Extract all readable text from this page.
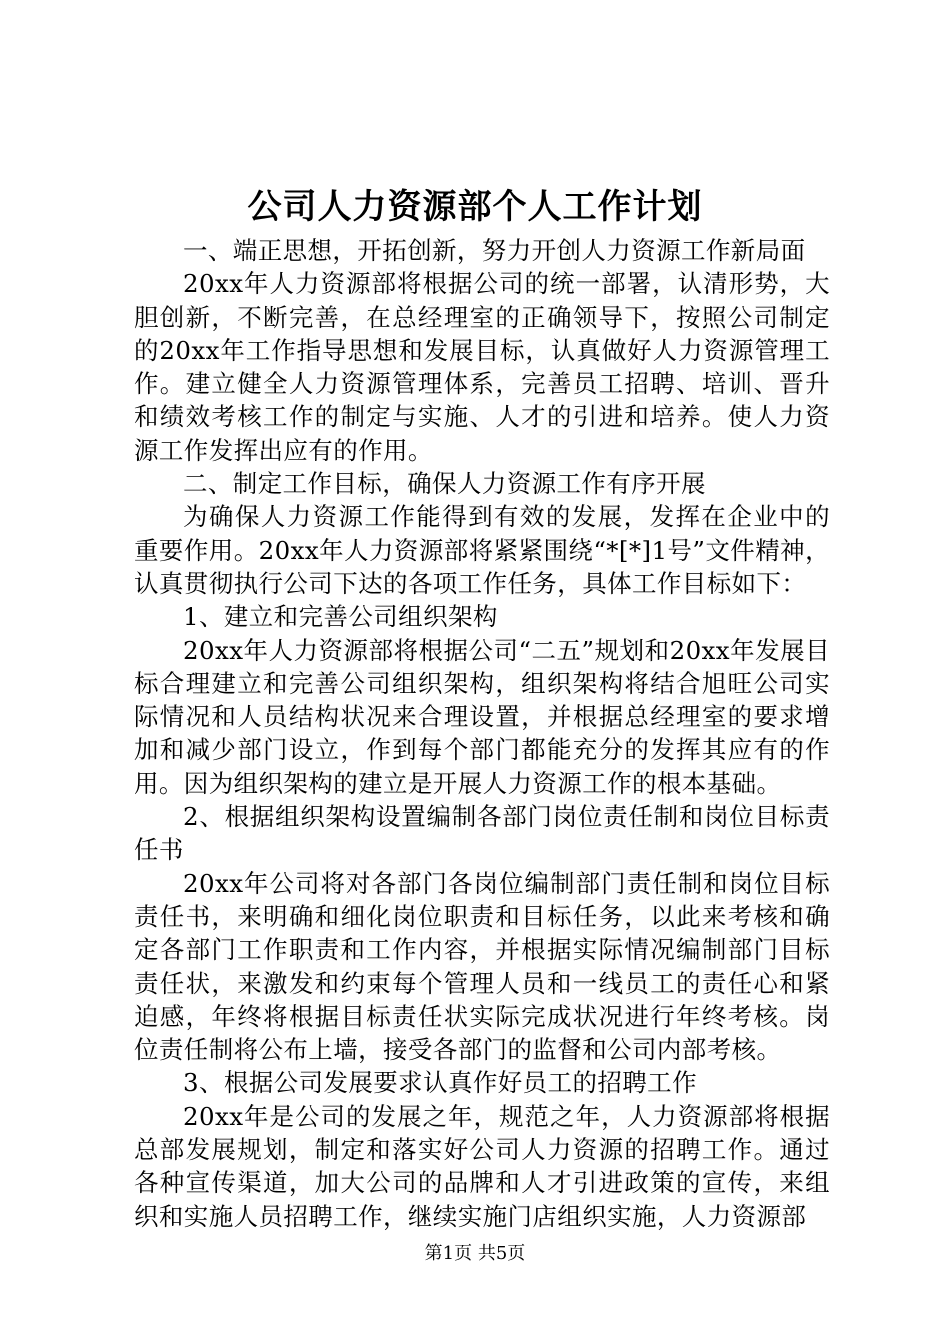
公司人力资源部个人工作计划

一、端正思想，开拓创新，努力开创人力资源工作新局面

20xx年人力资源部将根据公司的统一部署，认清形势，大胆创新，不断完善，在总经理室的正确领导下，按照公司制定的20xx年工作指导思想和发展目标，认真做好人力资源管理工作。建立健全人力资源管理体系，完善员工招聘、培训、晋升和绩效考核工作的制定与实施、人才的引进和培养。使人力资源工作发挥出应有的作用。

二、制定工作目标，确保人力资源工作有序开展

为确保人力资源工作能得到有效的发展，发挥在企业中的重要作用。20xx年人力资源部将紧紧围绕“*[*]1号”文件精神，认真贯彻执行公司下达的各项工作任务，具体工作目标如下：

1、建立和完善公司组织架构

20xx年人力资源部将根据公司“二五”规划和20xx年发展目标合理建立和完善公司组织架构，组织架构将结合旭旺公司实际情况和人员结构状况来合理设置，并根据总经理室的要求增加和减少部门设立，作到每个部门都能充分的发挥其应有的作用。因为组织架构的建立是开展人力资源工作的根本基础。

2、根据组织架构设置编制各部门岗位责任制和岗位目标责任书

20xx年公司将对各部门各岗位编制部门责任制和岗位目标责任书，来明确和细化岗位职责和目标任务，以此来考核和确定各部门工作职责和工作内容，并根据实际情况编制部门目标责任状，来激发和约束每个管理人员和一线员工的责任心和紧迫感，年终将根据目标责任状实际完成状况进行年终考核。岗位责任制将公布上墙，接受各部门的监督和公司内部考核。

3、根据公司发展要求认真作好员工的招聘工作

20xx年是公司的发展之年，规范之年，人力资源部将根据总部发展规划，制定和落实好公司人力资源的招聘工作。通过各种宣传渠道，加大公司的品牌和人才引进政策的宣传，来组织和实施人员招聘工作，继续实施门店组织实施，人力资源部

第1页 共5页
